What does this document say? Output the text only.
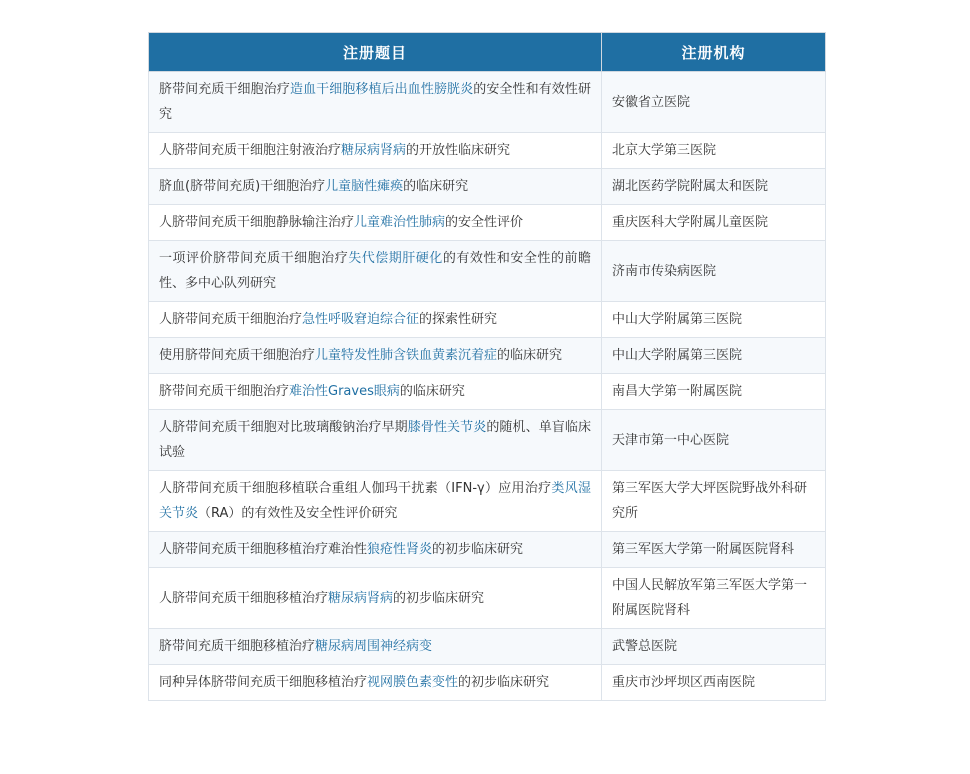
注册题目	注册机构
脐带间充质干细胞治疗造血干细胞移植后出血性膀胱炎的安全性和有效性研究	安徽省立医院
人脐带间充质干细胞注射液治疗糖尿病肾病的开放性临床研究	北京大学第三医院
脐血(脐带间充质)干细胞治疗儿童脑性瘫痪的临床研究	湖北医药学院附属太和医院
人脐带间充质干细胞静脉输注治疗儿童难治性肺病的安全性评价	重庆医科大学附属儿童医院
一项评价脐带间充质干细胞治疗失代偿期肝硬化的有效性和安全性的前瞻性、多中心队列研究	济南市传染病医院
人脐带间充质干细胞治疗急性呼吸窘迫综合征的探索性研究	中山大学附属第三医院
使用脐带间充质干细胞治疗儿童特发性肺含铁血黄素沉着症的临床研究	中山大学附属第三医院
脐带间充质干细胞治疗难治性Graves眼病的临床研究	南昌大学第一附属医院
人脐带间充质干细胞对比玻璃酸钠治疗早期膝骨性关节炎的随机、单盲临床试验	天津市第一中心医院
人脐带间充质干细胞移植联合重组人伽玛干扰素（IFN-γ）应用治疗类风湿关节炎（RA）的有效性及安全性评价研究	第三军医大学大坪医院野战外科研究所
人脐带间充质干细胞移植治疗难治性狼疮性肾炎的初步临床研究	第三军医大学第一附属医院肾科
人脐带间充质干细胞移植治疗糖尿病肾病的初步临床研究	中国人民解放军第三军医大学第一附属医院肾科
脐带间充质干细胞移植治疗糖尿病周围神经病变	武警总医院
同种异体脐带间充质干细胞移植治疗视网膜色素变性的初步临床研究	重庆市沙坪坝区西南医院
